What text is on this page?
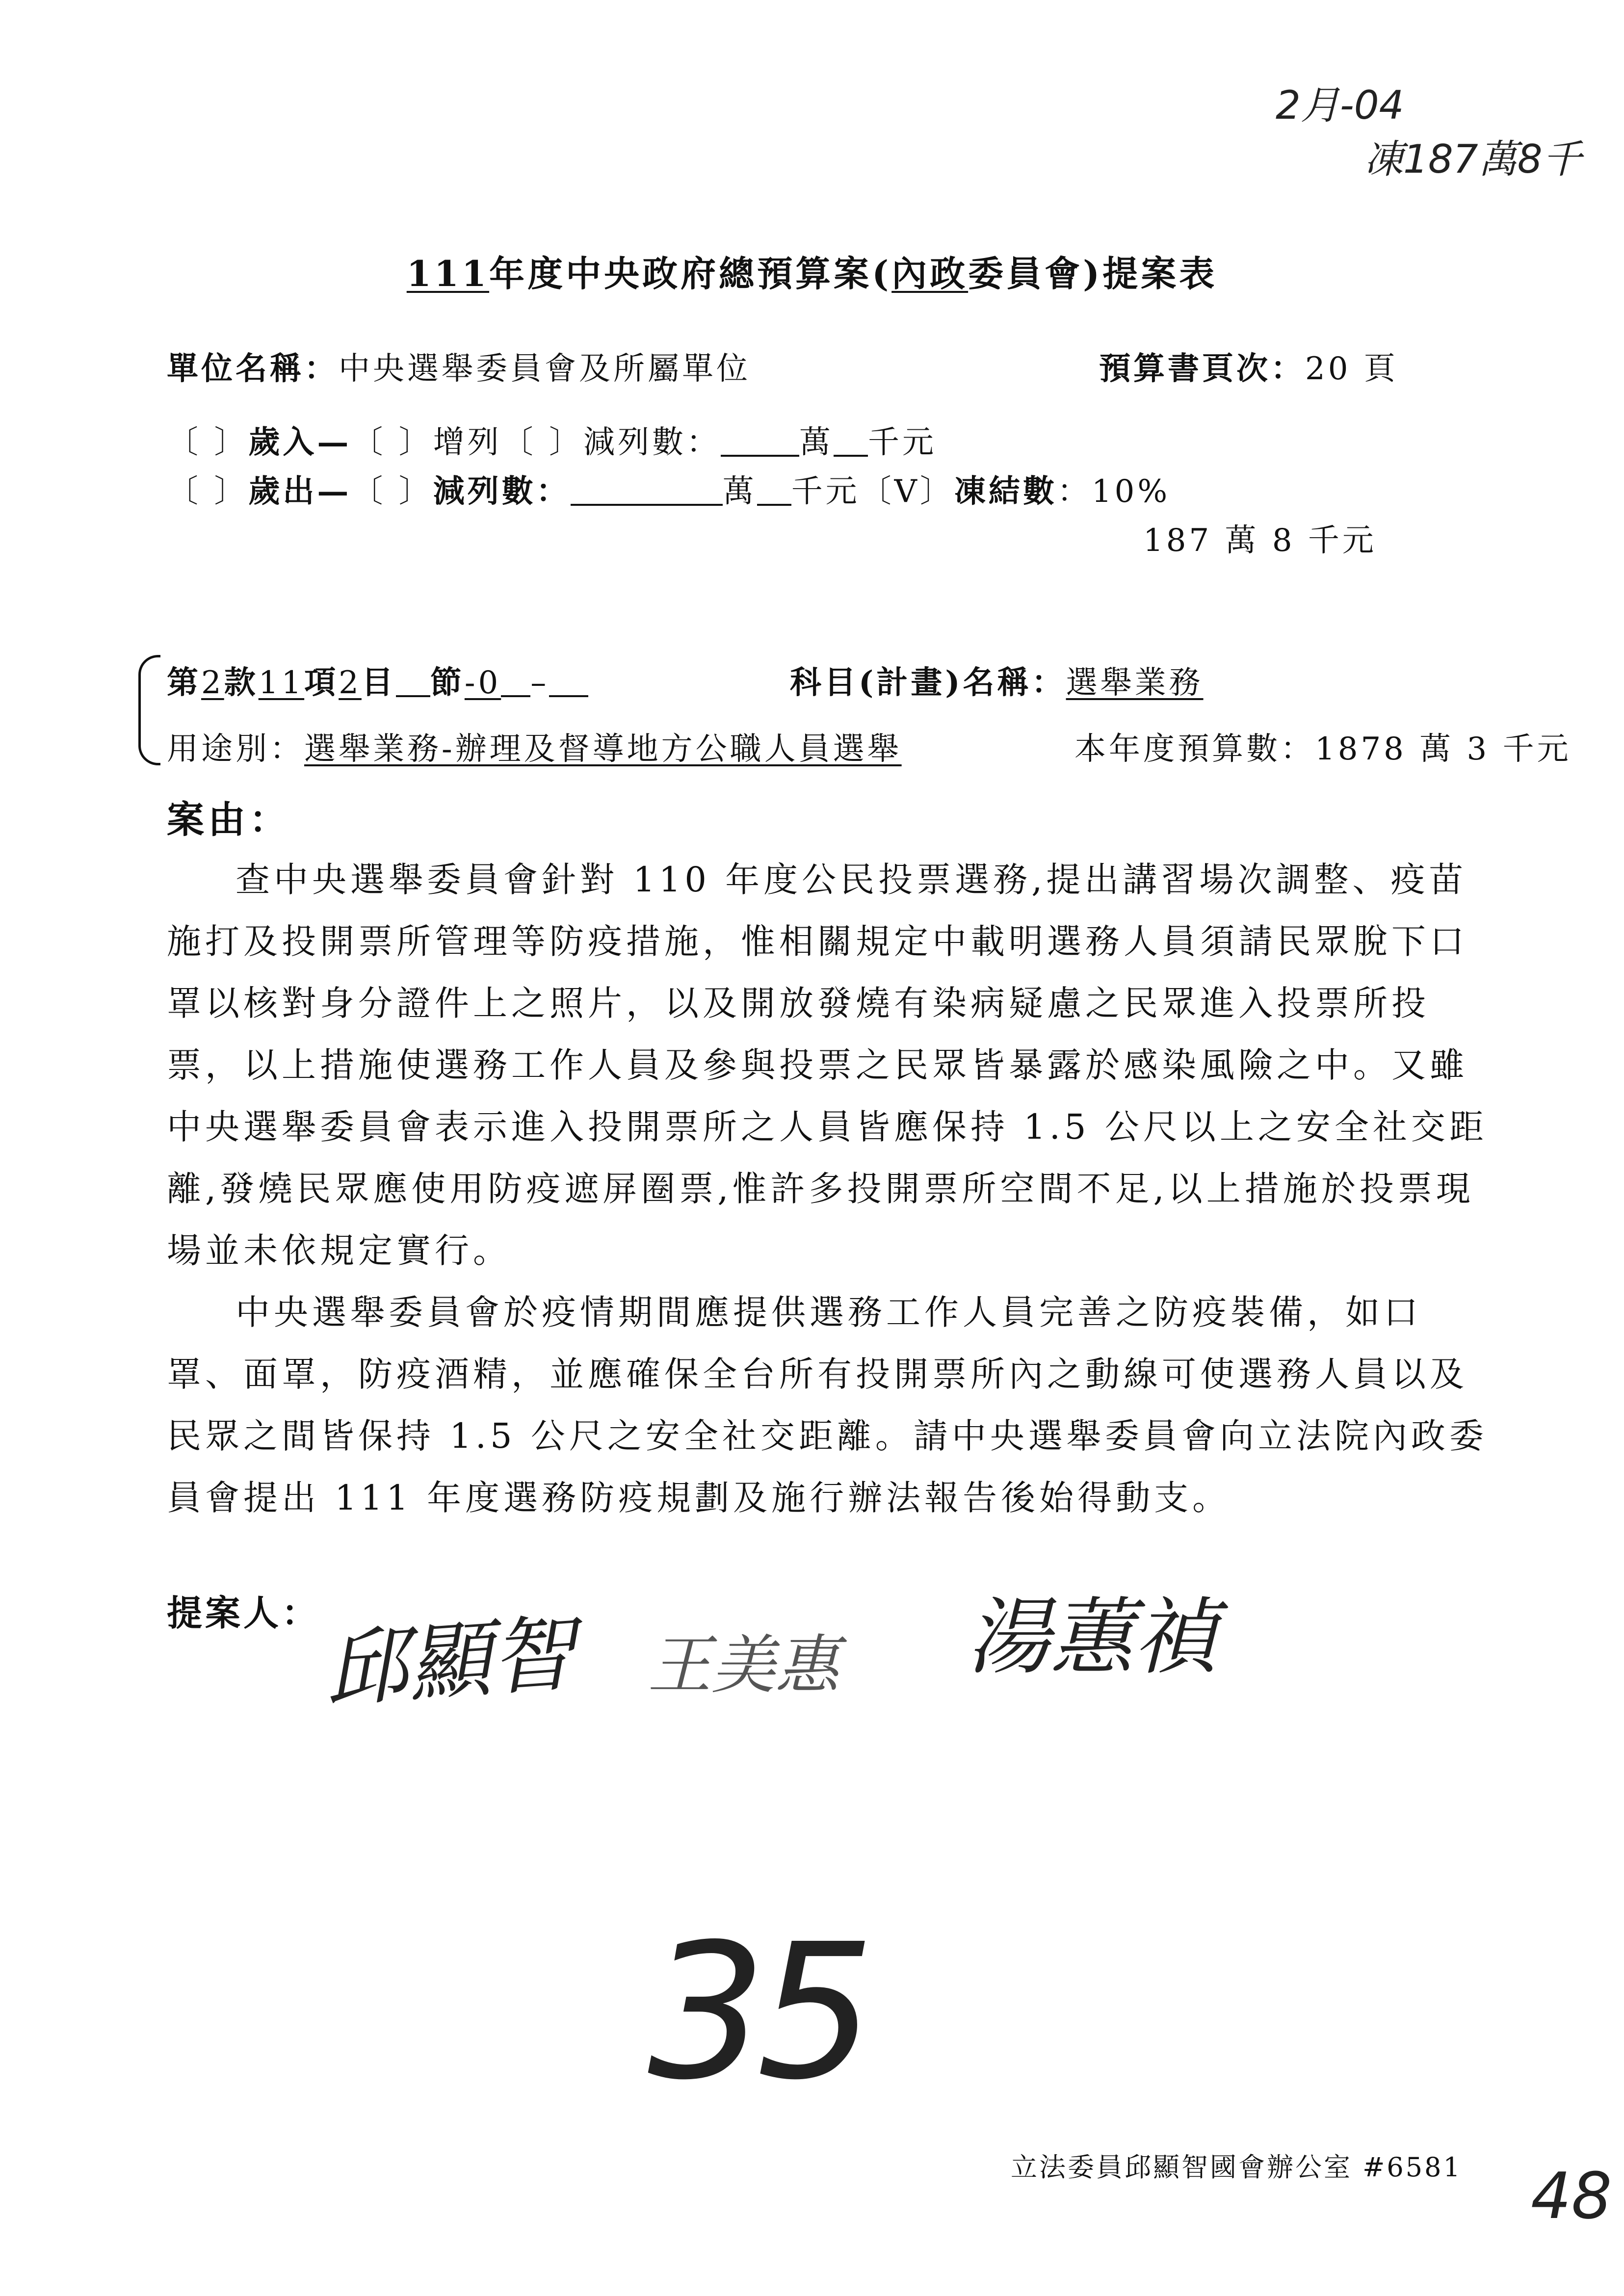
2月-04
凍187萬8千
111年度中央政府總預算案(內政委員會)提案表
單位名稱：中央選舉委員會及所屬單位	預算書頁次：20 頁
〔 〕歲入—〔 〕增列〔 〕減列數：	萬 千元
〔 〕歲出—〔 〕減列數：	萬 千元〔V〕凍結數：10%
187 萬 8 千元
第2款11項2目 節-0 –	科目(計畫)名稱：選舉業務
用途別：選舉業務-辦理及督導地方公職人員選舉	本年度預算數：1878 萬 3 千元
案由：

查中央選舉委員會針對 110 年度公民投票選務,提出講習場次調整、疫苗施打及投開票所管理等防疫措施，惟相關規定中載明選務人員須請民眾脫下口罩以核對身分證件上之照片，以及開放發燒有染病疑慮之民眾進入投票所投票，以上措施使選務工作人員及參與投票之民眾皆暴露於感染風險之中。又雖中央選舉委員會表示進入投開票所之人員皆應保持 1.5 公尺以上之安全社交距離,發燒民眾應使用防疫遮屏圈票,惟許多投開票所空間不足,以上措施於投票現場並未依規定實行。

中央選舉委員會於疫情期間應提供選務工作人員完善之防疫裝備，如口罩、面罩，防疫酒精，並應確保全台所有投開票所內之動線可使選務人員以及民眾之間皆保持 1.5 公尺之安全社交距離。請中央選舉委員會向立法院內政委員會提出 111 年度選務防疫規劃及施行辦法報告後始得動支。

提案人： 邱顯智 王美惠 湯蕙禎
35
立法委員邱顯智國會辦公室 #6581 48
